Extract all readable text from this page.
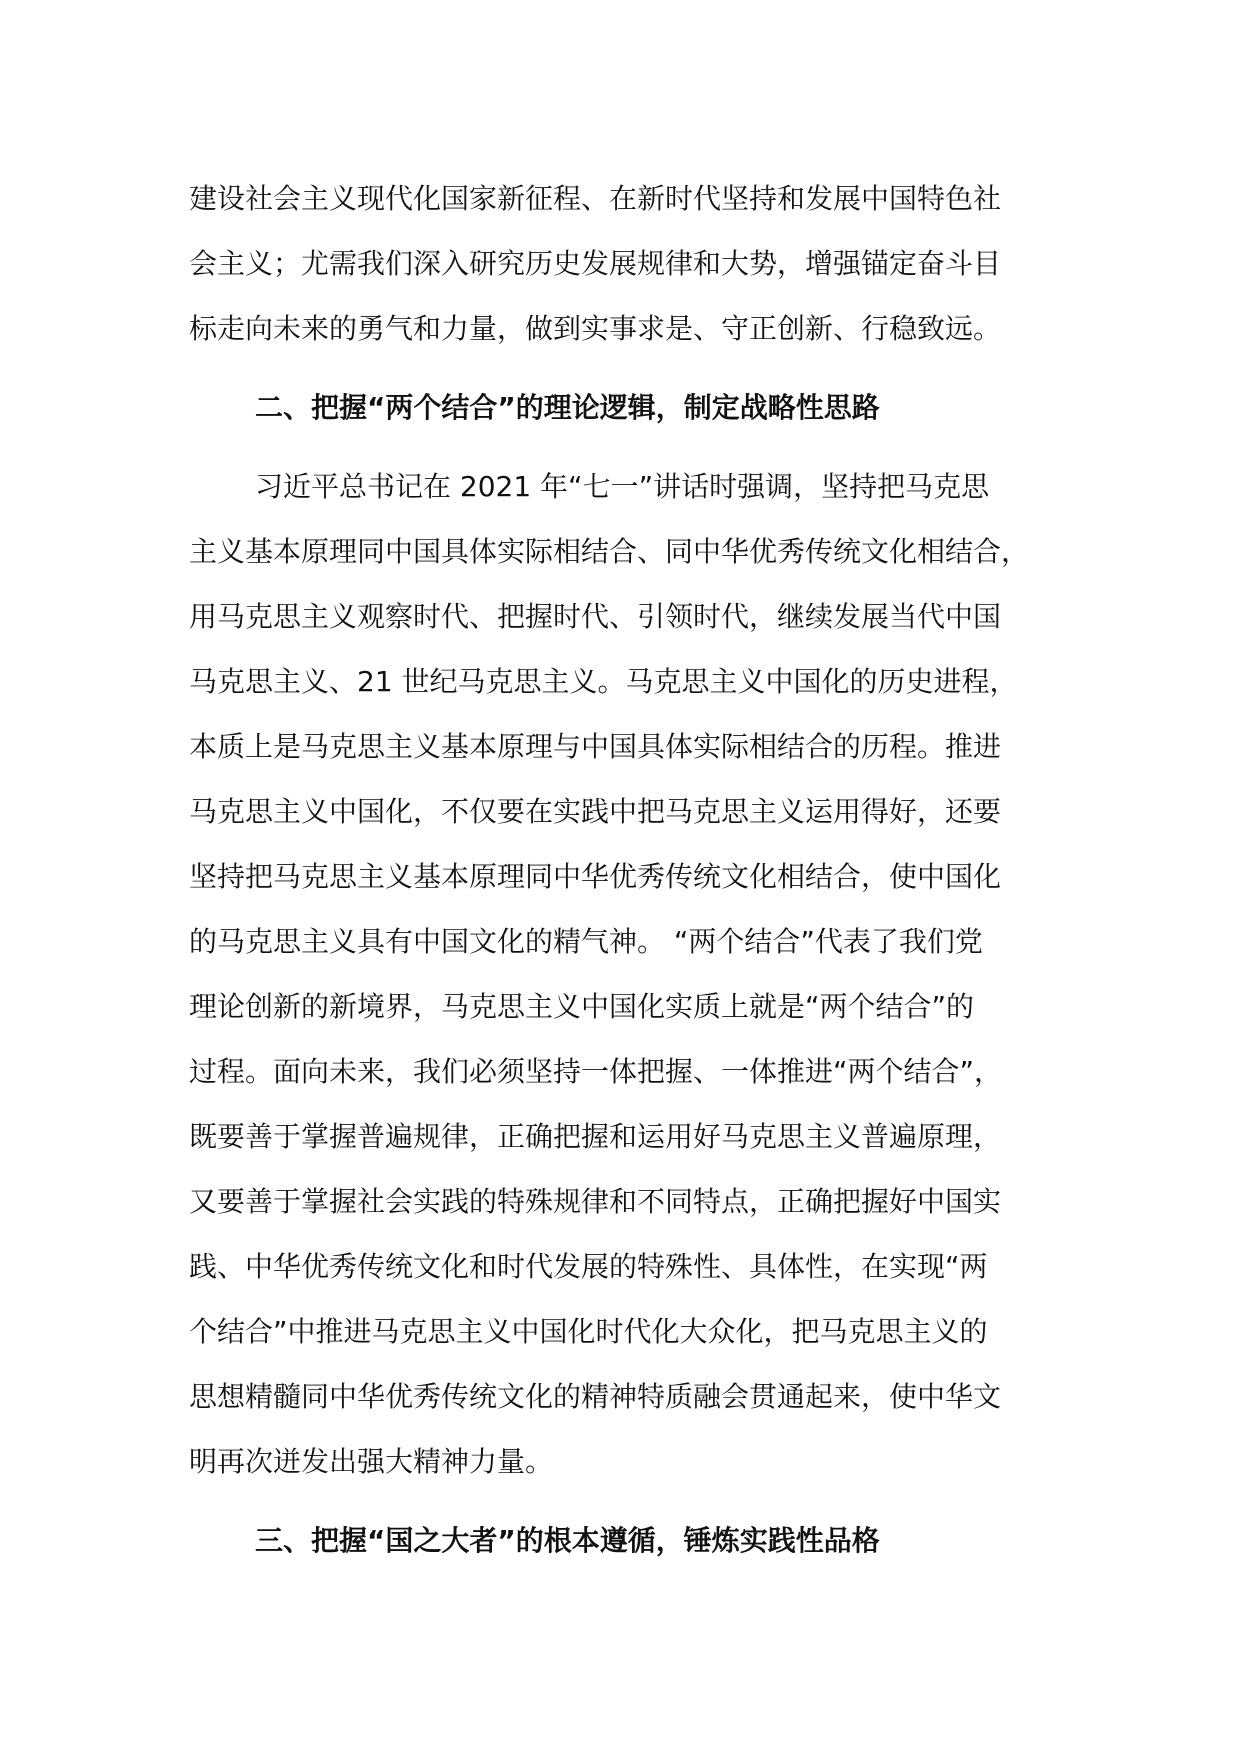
建设社会主义现代化国家新征程、在新时代坚持和发展中国特色社
会主义；尤需我们深入研究历史发展规律和大势，增强锚定奋斗目
标走向未来的勇气和力量，做到实事求是、守正创新、行稳致远。
二、把握“两个结合”的理论逻辑，制定战略性思路
习近平总书记在 2021 年“七一”讲话时强调，坚持把马克思
主义基本原理同中国具体实际相结合、同中华优秀传统文化相结合，
用马克思主义观察时代、把握时代、引领时代，继续发展当代中国
马克思主义、21 世纪马克思主义。马克思主义中国化的历史进程，
本质上是马克思主义基本原理与中国具体实际相结合的历程。推进
马克思主义中国化，不仅要在实践中把马克思主义运用得好，还要
坚持把马克思主义基本原理同中华优秀传统文化相结合，使中国化
的马克思主义具有中国文化的精气神。 “两个结合”代表了我们党
理论创新的新境界，马克思主义中国化实质上就是“两个结合”的
过程。面向未来，我们必须坚持一体把握、一体推进“两个结合”，
既要善于掌握普遍规律，正确把握和运用好马克思主义普遍原理，
又要善于掌握社会实践的特殊规律和不同特点，正确把握好中国实
践、中华优秀传统文化和时代发展的特殊性、具体性，在实现“两
个结合”中推进马克思主义中国化时代化大众化，把马克思主义的
思想精髓同中华优秀传统文化的精神特质融会贯通起来，使中华文
明再次迸发出强大精神力量。
三、把握“国之大者”的根本遵循，锤炼实践性品格
